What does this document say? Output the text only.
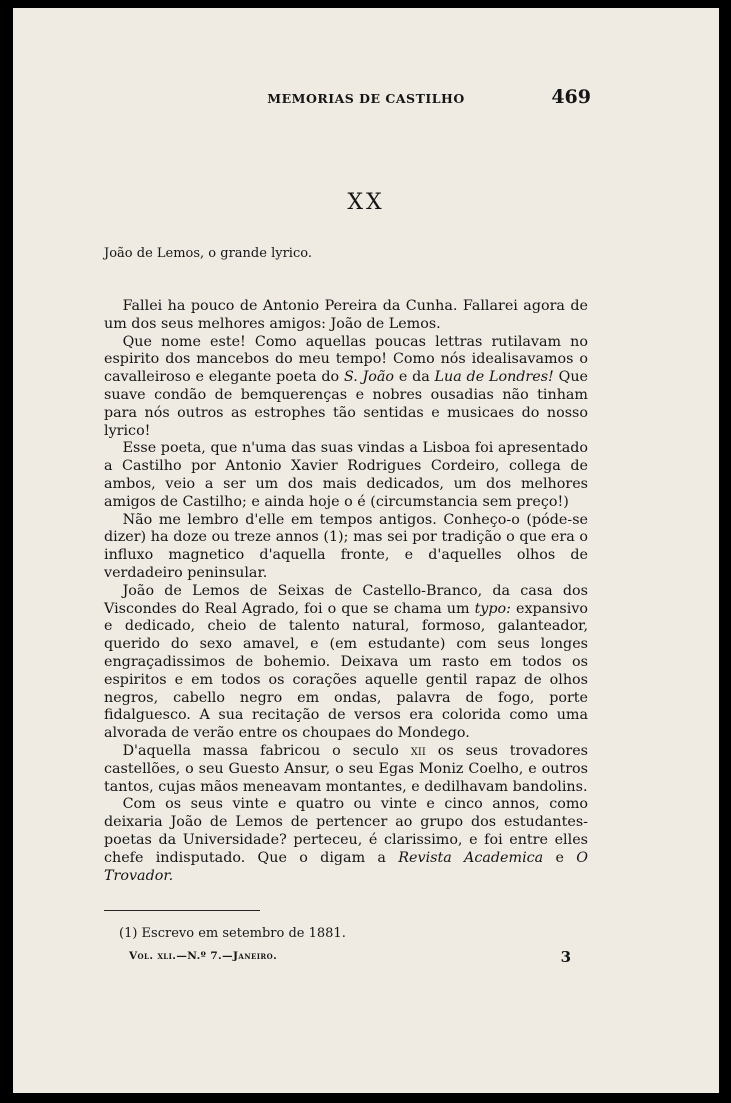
MEMORIAS DE CASTILHO	469
XX
João de Lemos, o grande lyrico.

Fallei ha pouco de Antonio Pereira da Cunha. Fallarei agora de um dos seus melhores amigos: João de Lemos.

Que nome este! Como aquellas poucas lettras rutilavam no espirito dos mancebos do meu tempo! Como nós idealisavamos o cavalleiroso e elegante poeta do S. João e da Lua de Londres! Que suave condão de bemquerenças e nobres ousadias não tinham para nós outros as estrophes tão sentidas e musicaes do nosso lyrico!

Esse poeta, que n'uma das suas vindas a Lisboa foi apresentado a Castilho por Antonio Xavier Rodrigues Cordeiro, collega de ambos, veio a ser um dos mais dedicados, um dos melhores amigos de Castilho; e ainda hoje o é (circumstancia sem preço!)

Não me lembro d'elle em tempos antigos. Conheço-o (póde-se dizer) ha doze ou treze annos (1); mas sei por tradição o que era o influxo magnetico d'aquella fronte, e d'aquelles olhos de verdadeiro peninsular.

João de Lemos de Seixas de Castello-Branco, da casa dos Viscondes do Real Agrado, foi o que se chama um typo: expansivo e dedicado, cheio de talento natural, formoso, galanteador, querido do sexo amavel, e (em estudante) com seus longes engraçadissimos de bohemio. Deixava um rasto em todos os espiritos e em todos os corações aquelle gentil rapaz de olhos negros, cabello negro em ondas, palavra de fogo, porte fidalguesco. A sua recitação de versos era colorida como uma alvorada de verão entre os choupaes do Mondego.

D'aquella massa fabricou o seculo xii os seus trovadores castellões, o seu Guesto Ansur, o seu Egas Moniz Coelho, e outros tantos, cujas mãos meneavam montantes, e dedilhavam bandolins.

Com os seus vinte e quatro ou vinte e cinco annos, como deixaria João de Lemos de pertencer ao grupo dos estudantes-poetas da Universidade? perteceu, é clarissimo, e foi entre elles chefe indisputado. Que o digam a Revista Academica e O Trovador.

(1) Escrevo em setembro de 1881.
Vol. xli.—N.º 7.—Janeiro.	3
